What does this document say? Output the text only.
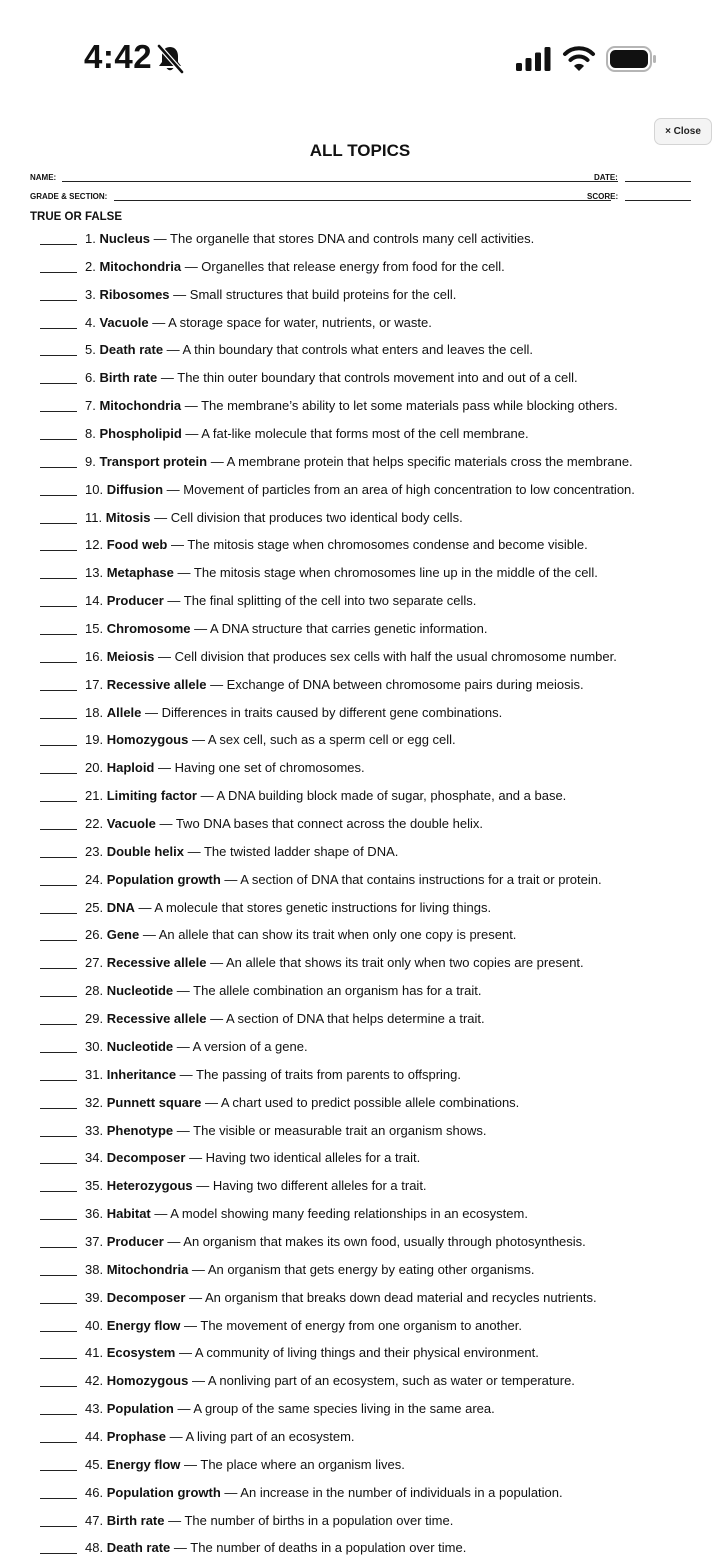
4:42
× Close
ALL TOPICS
NAME:	DATE:
GRADE & SECTION:	SCORE:
TRUE OR FALSE
1. Nucleus — The organelle that stores DNA and controls many cell activities.
2. Mitochondria — Organelles that release energy from food for the cell.
3. Ribosomes — Small structures that build proteins for the cell.
4. Vacuole — A storage space for water, nutrients, or waste.
5. Death rate — A thin boundary that controls what enters and leaves the cell.
6. Birth rate — The thin outer boundary that controls movement into and out of a cell.
7. Mitochondria — The membrane’s ability to let some materials pass while blocking others.
8. Phospholipid — A fat-like molecule that forms most of the cell membrane.
9. Transport protein — A membrane protein that helps specific materials cross the membrane.
10. Diffusion — Movement of particles from an area of high concentration to low concentration.
11. Mitosis — Cell division that produces two identical body cells.
12. Food web — The mitosis stage when chromosomes condense and become visible.
13. Metaphase — The mitosis stage when chromosomes line up in the middle of the cell.
14. Producer — The final splitting of the cell into two separate cells.
15. Chromosome — A DNA structure that carries genetic information.
16. Meiosis — Cell division that produces sex cells with half the usual chromosome number.
17. Recessive allele — Exchange of DNA between chromosome pairs during meiosis.
18. Allele — Differences in traits caused by different gene combinations.
19. Homozygous — A sex cell, such as a sperm cell or egg cell.
20. Haploid — Having one set of chromosomes.
21. Limiting factor — A DNA building block made of sugar, phosphate, and a base.
22. Vacuole — Two DNA bases that connect across the double helix.
23. Double helix — The twisted ladder shape of DNA.
24. Population growth — A section of DNA that contains instructions for a trait or protein.
25. DNA — A molecule that stores genetic instructions for living things.
26. Gene — An allele that can show its trait when only one copy is present.
27. Recessive allele — An allele that shows its trait only when two copies are present.
28. Nucleotide — The allele combination an organism has for a trait.
29. Recessive allele — A section of DNA that helps determine a trait.
30. Nucleotide — A version of a gene.
31. Inheritance — The passing of traits from parents to offspring.
32. Punnett square — A chart used to predict possible allele combinations.
33. Phenotype — The visible or measurable trait an organism shows.
34. Decomposer — Having two identical alleles for a trait.
35. Heterozygous — Having two different alleles for a trait.
36. Habitat — A model showing many feeding relationships in an ecosystem.
37. Producer — An organism that makes its own food, usually through photosynthesis.
38. Mitochondria — An organism that gets energy by eating other organisms.
39. Decomposer — An organism that breaks down dead material and recycles nutrients.
40. Energy flow — The movement of energy from one organism to another.
41. Ecosystem — A community of living things and their physical environment.
42. Homozygous — A nonliving part of an ecosystem, such as water or temperature.
43. Population — A group of the same species living in the same area.
44. Prophase — A living part of an ecosystem.
45. Energy flow — The place where an organism lives.
46. Population growth — An increase in the number of individuals in a population.
47. Birth rate — The number of births in a population over time.
48. Death rate — The number of deaths in a population over time.
